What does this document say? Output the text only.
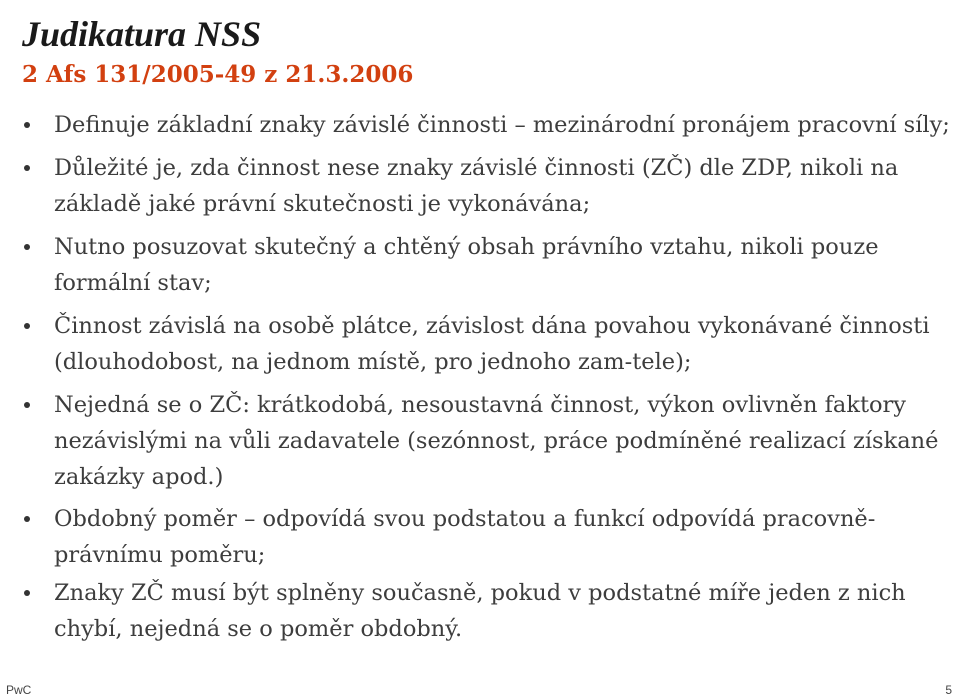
Judikatura NSS
2 Afs 131/2005-49 z 21.3.2006
Definuje základní znaky závislé činnosti – mezinárodní pronájem pracovní síly;
Důležité je, zda činnost nese znaky závislé činnosti (ZČ) dle ZDP, nikoli na základě jaké právní skutečnosti je vykonávána;
Nutno posuzovat skutečný a chtěný obsah právního vztahu, nikoli pouze formální stav;
Činnost závislá na osobě plátce, závislost dána povahou vykonávané činnosti (dlouhodobost, na jednom místě, pro jednoho zam-tele);
Nejedná se o ZČ: krátkodobá, nesoustavná činnost, výkon ovlivněn faktory nezávislými na vůli zadavatele (sezónnost, práce podmíněné realizací získané zakázky apod.)
Obdobný poměr – odpovídá svou podstatou a funkcí odpovídá pracovně-právnímu poměru;
Znaky ZČ musí být splněny současně, pokud v podstatné míře jeden z nich chybí, nejedná se o poměr obdobný.
PwC	5
